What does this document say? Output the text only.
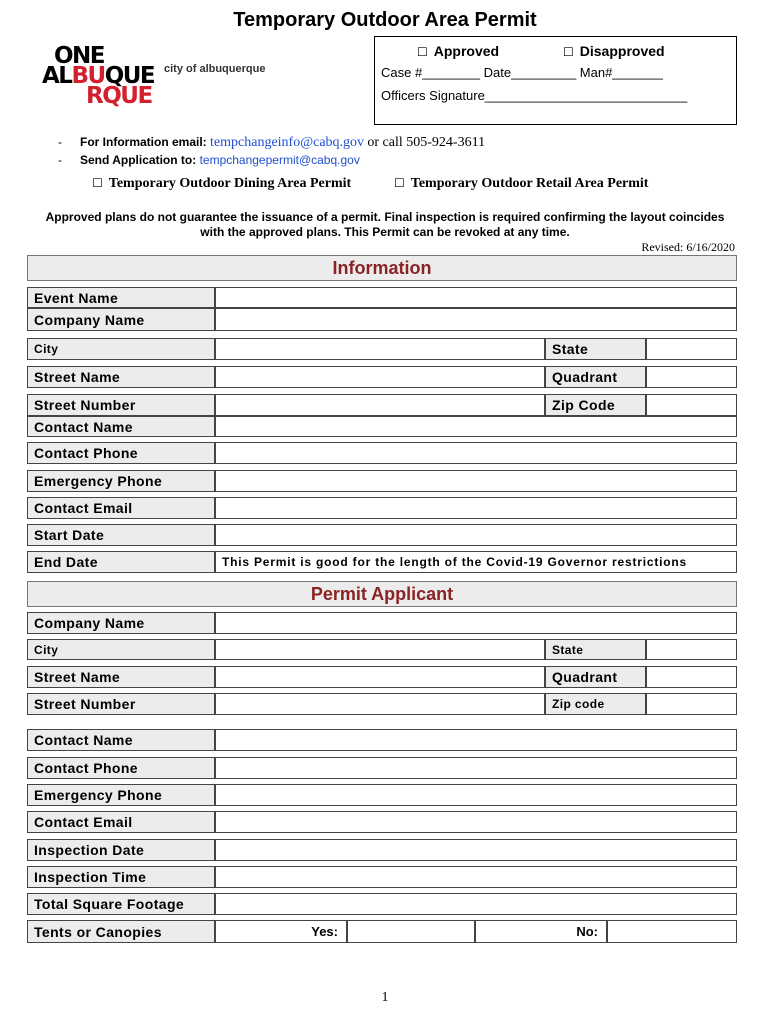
Temporary Outdoor Area Permit
ONE
ALBUQUE
RQUE
city of albuquerque
☐ Approved	☐ Disapproved
Case #________ Date_________ Man#_______
Officers Signature____________________________
- For Information email: tempchangeinfo@cabq.gov or call 505-924-3611
- Send Application to: tempchangepermit@cabq.gov
☐ Temporary Outdoor Dining Area Permit	☐ Temporary Outdoor Retail Area Permit
Approved plans do not guarantee the issuance of a permit. Final inspection is required confirming the layout coincides with the approved plans. This Permit can be revoked at any time.
Revised: 6/16/2020
Information
Event Name
Company Name
City	State
Street Name	Quadrant
Street Number	Zip Code
Contact Name
Contact Phone
Emergency Phone
Contact Email
Start Date
End Date	This Permit is good for the length of the Covid-19 Governor restrictions
Permit Applicant
Company Name
City	State
Street Name	Quadrant
Street Number	Zip code
Contact Name
Contact Phone
Emergency Phone
Contact Email
Inspection Date
Inspection Time
Total Square Footage
Tents or Canopies	Yes:	No:
1
